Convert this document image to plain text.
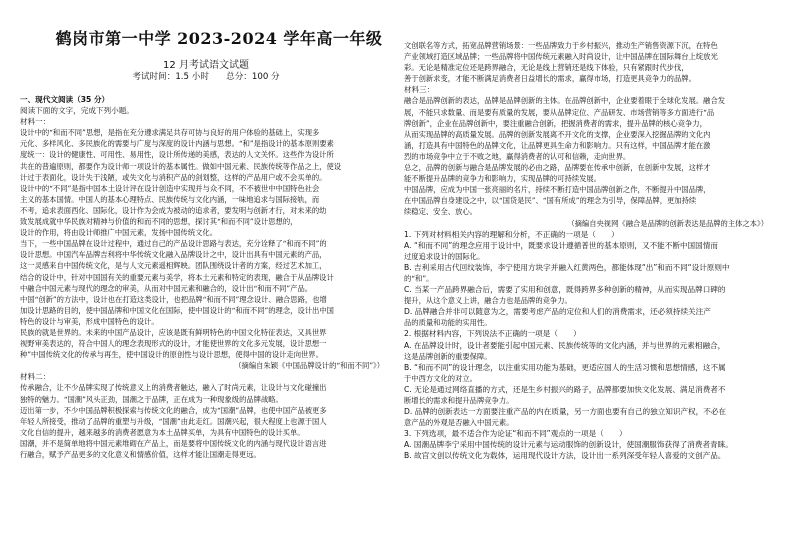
鹤岗市第一中学 2023-2024 学年高一年级
12 月考试语文试题
考试时间：1.5 小时　　总分：100 分
一、现代文阅读（35 分）
阅读下面的文字，完成下列小题。
材料一：
设计中的“和而不同”思想，是指在充分遵求满足共存可协与良好的用户体验的基础上，实现多
元化、多样风化、多民族化的需要与广度与深度的设计内涵与思想。“和”是指设计的基本原则要素
度统一：设计的健康性、可用性、易用性，设计所传递的美感，表达的人文关怀。这些作为设计所
共在的普遍原则，都要作为设计师一项设计的基本属性。做如中国元素、民族传统等作品之上，使设
计过于表面化，设计失于浅陋，或失文化与消积产品的剑划整，这样的产品用户或不会买单的。
设计中的“不同”是指中国本土设计评在设计创造中实现并与众不同，不不被世中中国特色社会
主义的基本国情。中国人的基本心理特点、民族传统与文化内涵，一味地追求与国际接轨，而
不考，追求表面西化、国际化，设计作为会成为被动的追求者，要发明与创新才行，对未来的幼
致发展成就中华民族对精神与价值的和而不同的思想，探讨其“和而不同”设计思想的，
设计的作用，将由设计师推广中国元素，发扬中国传统文化。
当下，一些中国品牌在设计过程中，通过自己的产品设计思路与表达，充分诠释了“和而不同”的
设计思想。中国汽车品牌吉利将中华传统文化融入品牌设计之中，设计出具有中国元素的产品，
这一灵感来自中国传统文化，是与人文元素遥相辉映。团队围绕设计者的方案，经过艺术加工，
结合的设计中，针对中国国有关的重要元素与美学，将本土元素和特定的表现，融合于从品牌设计
中融合中国元素与现代的理念的审美，从而对中国元素和融合的，设计出“和而不同”产品。
中国“创新”的方法中，设计也在打造这类设计，也把品牌“和而不同”理念设计、融合思路，也增
加设计思路的目的，使中国品牌和中国文化在国际，使中国设计的“和而不同”的理念，设计出中国
特色的设计与审美，形成中国特色的设计。
民族的就是世界的。未来的中国产品设计，应该是既有鲜明特色的中国文化特征表达，又具世界
视野审美表达的，符合中国人的理念表现形式的设计，才能使世界的文化多元发展，设计思想一
种”中国传统文化的传承与再生，使中国设计的原创性与设计思想，使得中国的设计走向世界。
（摘编自朱颖《中国品牌设计的“和而不同”》）
材料二：
传承融合，让不少品牌实现了传统意义上的消费者触达，融入了时尚元素，让设计与文化碰撞出
独特的魅力。“国潮”风头正劲，国潮之于品牌，正在成为一种现象级的品牌战略。
迈出第一步，不少中国品牌积极探索与传统文化的融合，成为“国潮”品牌，也使中国产品被更多
年轻人所接受，推动了品牌的重塑与升级，“国潮”由此走红。国潮兴起，很大程度上也源于国人
文化自信的提升，越来越多的消费者愿意为本土品牌买单，为具有中国特色的设计买单。
国潮，并不是简单地将中国元素堆砌在产品上，而是要将中国传统文化的内涵与现代设计语言进
行融合，赋予产品更多的文化意义和情感价值，这样才能让国潮走得更远。
文创联名等方式，拓宽品牌营销场景：一些品牌致力于乡村振兴，推动生产销售资源下沉，在特色
产业领域打造区域品牌；一些品牌将中国传统元素融入时尚设计，让中国品牌在国际舞台上绽放光
彩。无论是精准定位还是跨界融合，无论是线上营销还是线下体验，只有紧跟时代步伐，
善于创新求变，才能不断满足消费者日益增长的需求，赢得市场，打造更具竞争力的品牌。
材料三：
融合是品牌创新的表达，品牌是品牌创新的主体。在品牌创新中，企业要着眼于全球化发展。融合发
展，不能只求数量、而是要有质量的发展，要从品牌定位、产品研发、市场营销等多方面进行“品
牌创新”，企业在品牌创新中，要注重融合创新，把握消费者的需求，提升品牌的核心竞争力，
从而实现品牌的高质量发展。品牌的创新发展离不开文化的支撑，企业要深入挖掘品牌的文化内
涵，打造具有中国特色的品牌文化，让品牌更具生命力和影响力。只有这样，中国品牌才能在激
烈的市场竞争中立于不败之地，赢得消费者的认可和信赖，走向世界。
总之，品牌的创新与融合是品牌发展的必由之路，品牌要在传承中创新，在创新中发展，这样才
能不断提升品牌的竞争力和影响力，实现品牌的可持续发展。
中国品牌，应成为中国一张亮丽的名片，持续不断打造中国品牌创新之作，不断提升中国品牌，
在中国品牌自身建设之中，以“国货是民”、“国有所成”的理念为引导，保障品牌，更加持续
续稳定、安全、放心。
（摘编自央视网《融合是品牌的创新表达是品牌的主体之本》）
1. 下列对材料相关内容的理解和分析，不正确的一项是（　　）
A. “和而不同”的理念应用于设计中，既要求设计遵循普世的基本原则，又不能不断中国国情而
过度追求设计的国际化。
B. 吉利采用古代回纹装饰，李宁使用方块字并融入红黄两色，都能体现“出”和而不同“设计原则中
的“和”。
C. 当某一产品跨界融合后，需要了实用和创意，既得跨界多种创新的精神，从而实现品牌口碑的
提升，从这个意义上讲，融合力也是品牌的竞争力。
D. 品牌融合并非可以随意为之，需要考虑产品的定位和人们的消费需求，还必须持续关注产
品的质量和功能的实用性。
2. 根据材料内容，下列说法不正确的一项是（　　）
A. 在品牌设计时，设计者要能引起中国元素、民族传统等的文化内涵，并与世界的元素相融合，
这是品牌创新的重要保障。
B. “和而不同”的设计理念，以注重实用功能为基础，更适应国人的生活习惯和思想情感，这不属
于中西方文化的对立。
C. 无论是通过网络直播的方式，还是生乡村振兴的路子，品牌都要加快文化发展、满足消费者不
断增长的需求和提升品牌竞争力。
D. 品牌的创新表达一方面要注重产品的内在质量，另一方面也要有自己的独立知识产权，不必在
意产品的外观是否融入中国元素。
3. 下列选项，最不适合作为论证“和而不同”观点的一项是（　　）
A. 国潮品牌李宁采用中国传统的设计元素与运动服饰的创新设计，使国潮服饰获得了消费者青睐。
B. 故宫文创以传统文化为载体，运用现代设计方法，设计出一系列深受年轻人喜爱的文创产品。
